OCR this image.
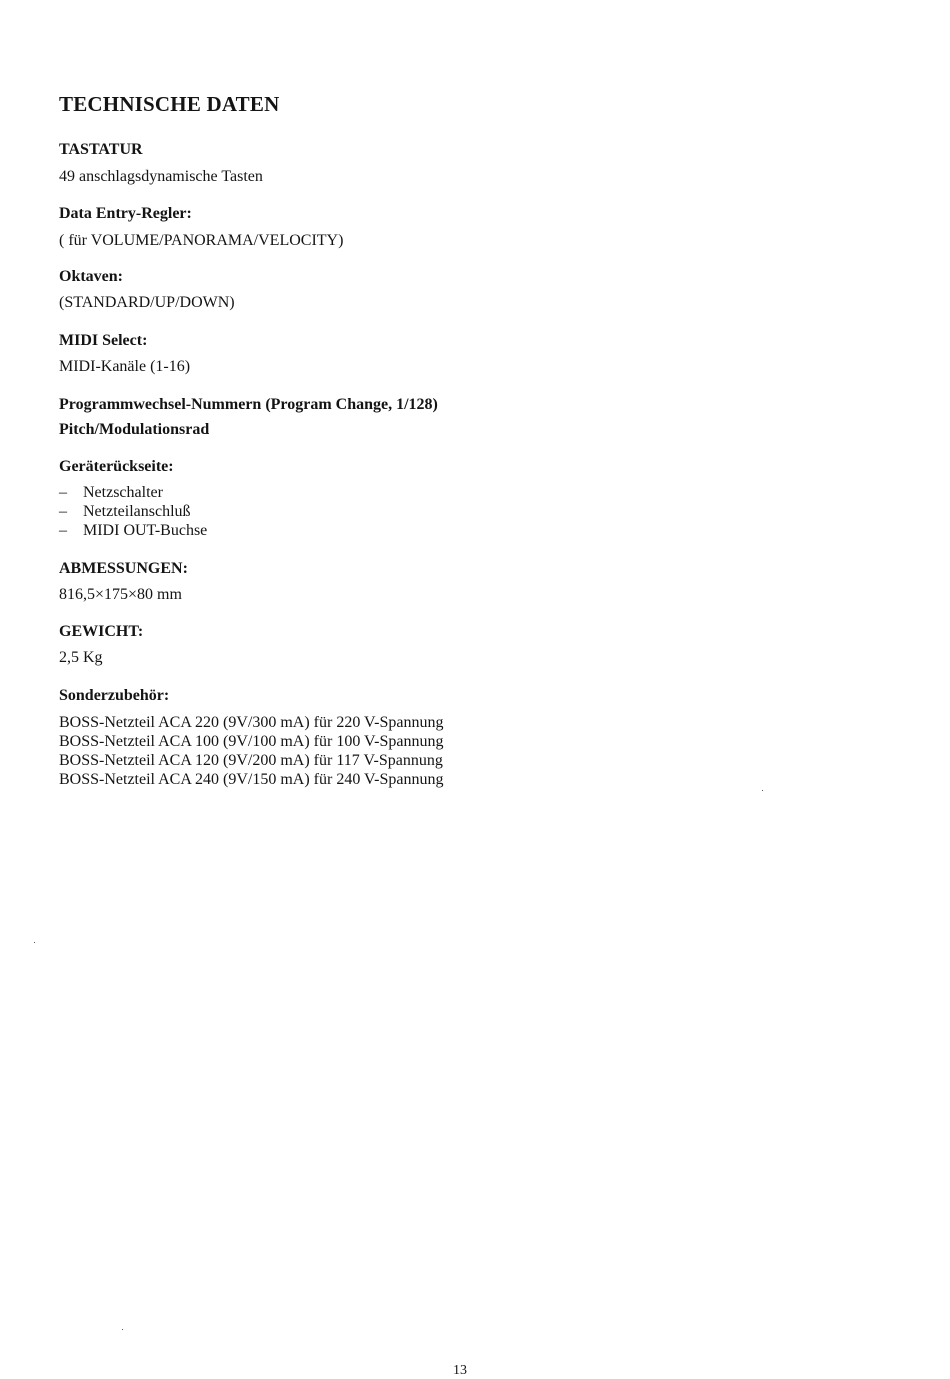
TECHNISCHE DATEN
TASTATUR
49 anschlagsdynamische Tasten
Data Entry-Regler:
( für VOLUME/PANORAMA/VELOCITY)
Oktaven:
(STANDARD/UP/DOWN)
MIDI Select:
MIDI-Kanäle (1-16)
Programmwechsel-Nummern (Program Change, 1/128)
Pitch/Modulationsrad
Geräterückseite:
– Netzschalter
– Netzteilanschluß
– MIDI OUT-Buchse
ABMESSUNGEN:
816,5×175×80 mm
GEWICHT:
2,5 Kg
Sonderzubehör:
BOSS-Netzteil ACA 220 (9V/300 mA) für 220 V-Spannung
BOSS-Netzteil ACA 100 (9V/100 mA) für 100 V-Spannung
BOSS-Netzteil ACA 120 (9V/200 mA) für 117 V-Spannung
BOSS-Netzteil ACA 240 (9V/150 mA) für 240 V-Spannung
13
